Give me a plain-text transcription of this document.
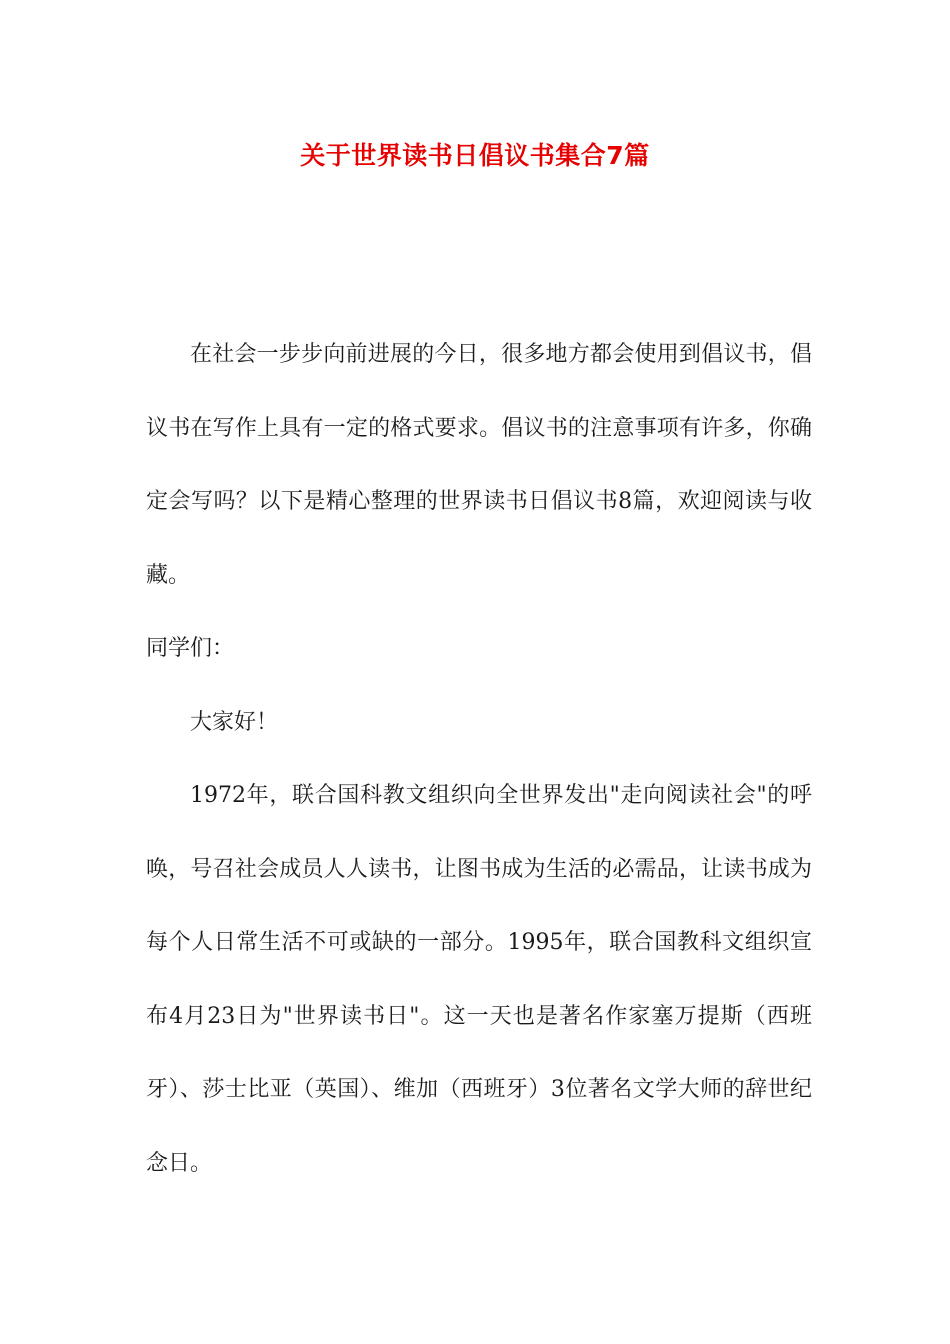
关于世界读书日倡议书集合7篇

在社会一步步向前进展的今日，很多地方都会使用到倡议书，倡议书在写作上具有一定的格式要求。倡议书的注意事项有许多，你确定会写吗？以下是精心整理的世界读书日倡议书8篇，欢迎阅读与收藏。

同学们：

大家好！

1972年，联合国科教文组织向全世界发出"走向阅读社会"的呼唤，号召社会成员人人读书，让图书成为生活的必需品，让读书成为每个人日常生活不可或缺的一部分。1995年，联合国教科文组织宣布4月23日为"世界读书日"。这一天也是著名作家塞万提斯（西班牙）、莎士比亚（英国）、维加（西班牙）3位著名文学大师的辞世纪念日。
